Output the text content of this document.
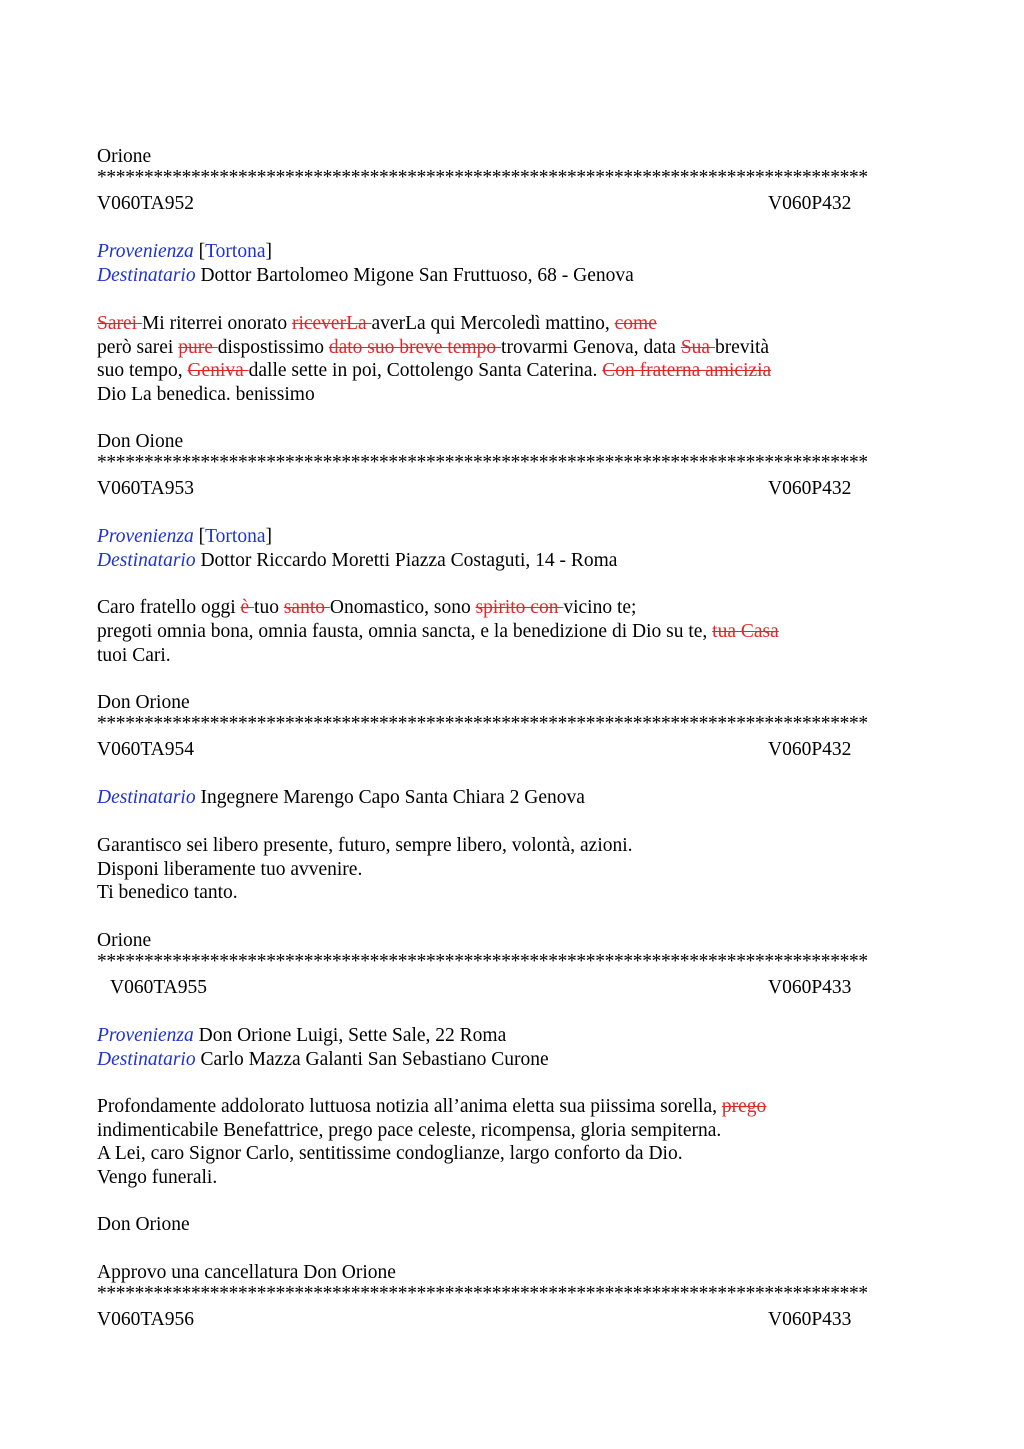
Orione
**********************************************************************************
V060TA952	V060P432
Provenienza [Tortona]
Destinatario Dottor Bartolomeo Migone San Fruttuoso, 68 - Genova
Sarei Mi riterrei onorato riceverLa averLa qui Mercoledì mattino, come
però sarei pure dispostissimo dato suo breve tempo trovarmi Genova, data Sua brevità
suo tempo, Geniva dalle sette in poi, Cottolengo Santa Caterina. Con fraterna amicizia
Dio La benedica. benissimo
Don Oione
**********************************************************************************
V060TA953	V060P432
Provenienza [Tortona]
Destinatario Dottor Riccardo Moretti Piazza Costaguti, 14 - Roma
Caro fratello oggi è tuo santo Onomastico, sono spirito con vicino te;
pregoti omnia bona, omnia fausta, omnia sancta, e la benedizione di Dio su te, tua Casa
tuoi Cari.
Don Orione
**********************************************************************************
V060TA954	V060P432
Destinatario Ingegnere Marengo Capo Santa Chiara 2 Genova
Garantisco sei libero presente, futuro, sempre libero, volontà, azioni.
Disponi liberamente tuo avvenire.
Ti benedico tanto.
Orione
**********************************************************************************
V060TA955	V060P433
Provenienza Don Orione Luigi, Sette Sale, 22 Roma
Destinatario Carlo Mazza Galanti San Sebastiano Curone
Profondamente addolorato luttuosa notizia all’anima eletta sua piissima sorella, prego
indimenticabile Benefattrice, prego pace celeste, ricompensa, gloria sempiterna.
A Lei, caro Signor Carlo, sentitissime condoglianze, largo conforto da Dio.
Vengo funerali.
Don Orione
Approvo una cancellatura Don Orione
**********************************************************************************
V060TA956	V060P433
